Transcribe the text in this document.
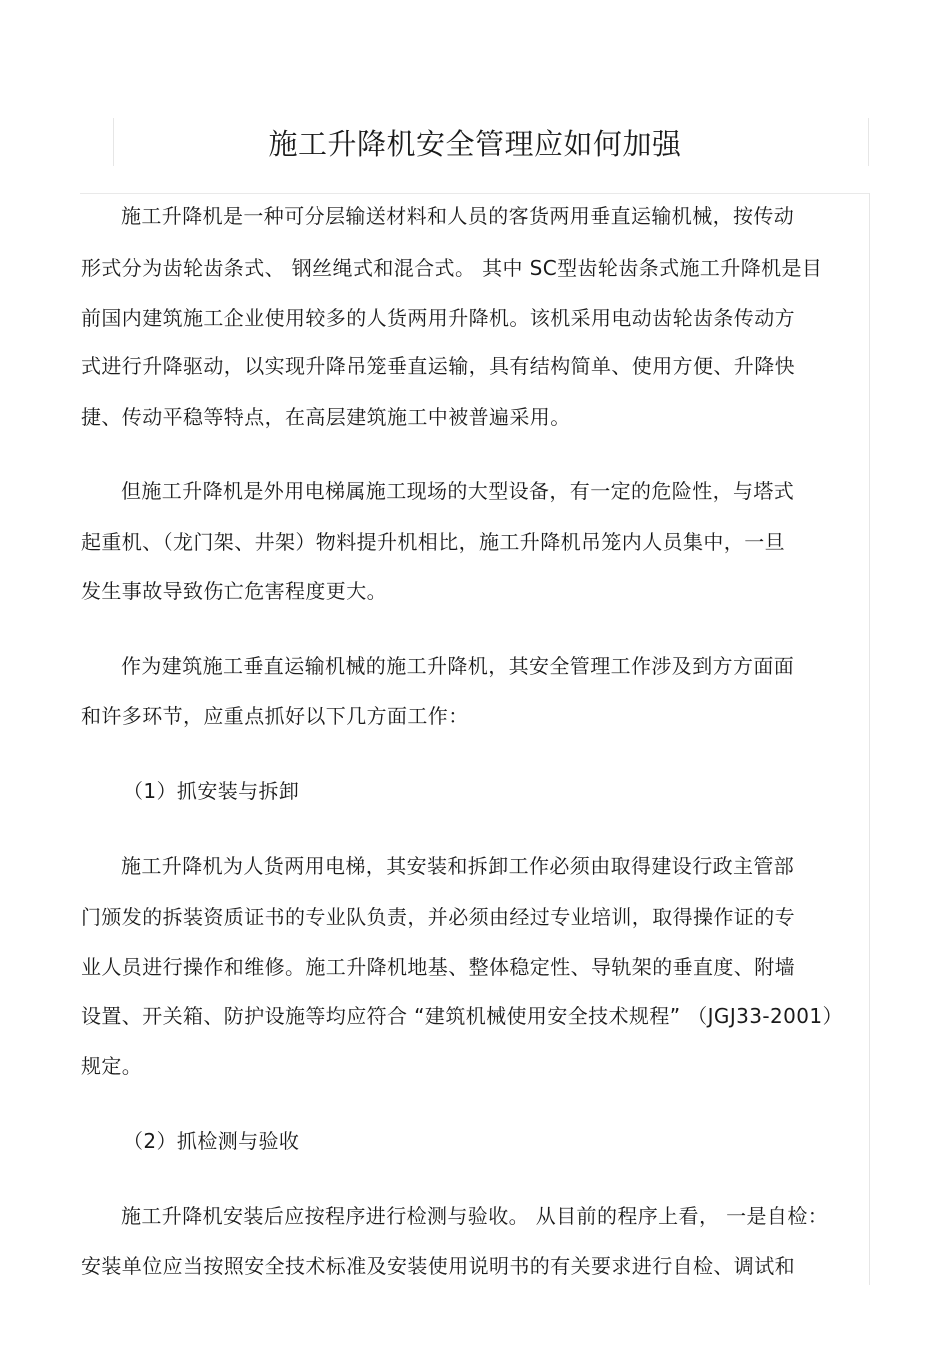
施工升降机安全管理应如何加强
施工升降机是一种可分层输送材料和人员的客货两用垂直运输机械，按传动
形式分为齿轮齿条式、 钢丝绳式和混合式。 其中 SC型齿轮齿条式施工升降机是目
前国内建筑施工企业使用较多的人货两用升降机。该机采用电动齿轮齿条传动方
式进行升降驱动，以实现升降吊笼垂直运输，具有结构简单、使用方便、升降快
捷、传动平稳等特点，在高层建筑施工中被普遍采用。
但施工升降机是外用电梯属施工现场的大型设备，有一定的危险性，与塔式
起重机、（龙门架、井架）物料提升机相比，施工升降机吊笼内人员集中，一旦
发生事故导致伤亡危害程度更大。
作为建筑施工垂直运输机械的施工升降机，其安全管理工作涉及到方方面面
和许多环节，应重点抓好以下几方面工作：
（1）抓安装与拆卸
施工升降机为人货两用电梯，其安装和拆卸工作必须由取得建设行政主管部
门颁发的拆装资质证书的专业队负责，并必须由经过专业培训，取得操作证的专
业人员进行操作和维修。施工升降机地基、整体稳定性、导轨架的垂直度、附墙
设置、开关箱、防护设施等均应符合 “建筑机械使用安全技术规程” （JGJ33-2001）
规定。
（2）抓检测与验收
施工升降机安装后应按程序进行检测与验收。 从目前的程序上看， 一是自检：
安装单位应当按照安全技术标准及安装使用说明书的有关要求进行自检、调试和
